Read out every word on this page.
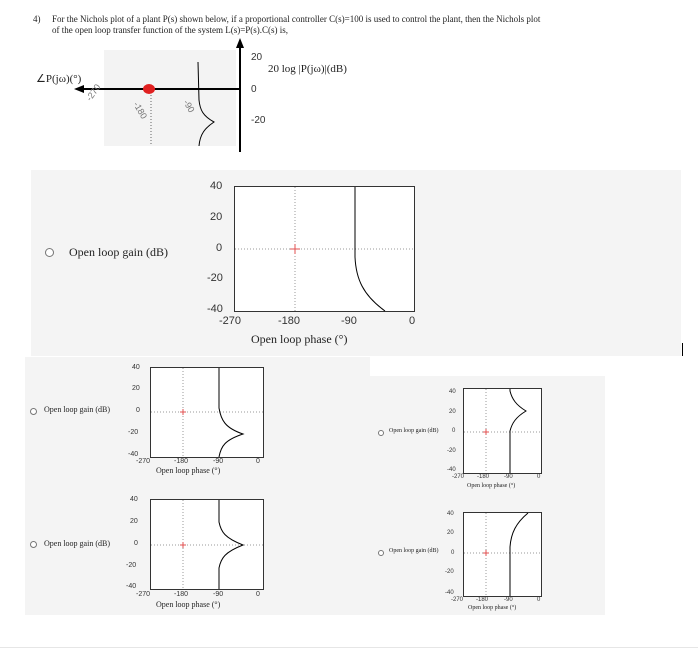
4) For the Nichols plot of a plant P(s) shown below, if a proportional controller C(s)=100 is used to control the plant, then the Nichols plot
of the open loop transfer function of the system L(s)=P(s).C(s) is,
∠P(jω)(°)
20 log |P(jω)|(dB)
-270
-180	-90
20
0
-20
Open loop gain (dB)
40
20
0
-20
-40
-270	-180	-90	0
Open loop phase (°)
Open loop gain (dB)
40
20
0
-20
-40
-270	-180	-90	0
Open loop phase (°)
Open loop gain (dB)
40
20
0
-20
-40
-270	-180	-90	0
Open loop phase (°)
Open loop gain (dB)
40
20
0
-20
-40
-270 -180 -90	0
Open loop phase (°)
Open loop gain (dB)
40
20
0
-20
-40
-270 -180	-90	0
Open loop phase (°)
